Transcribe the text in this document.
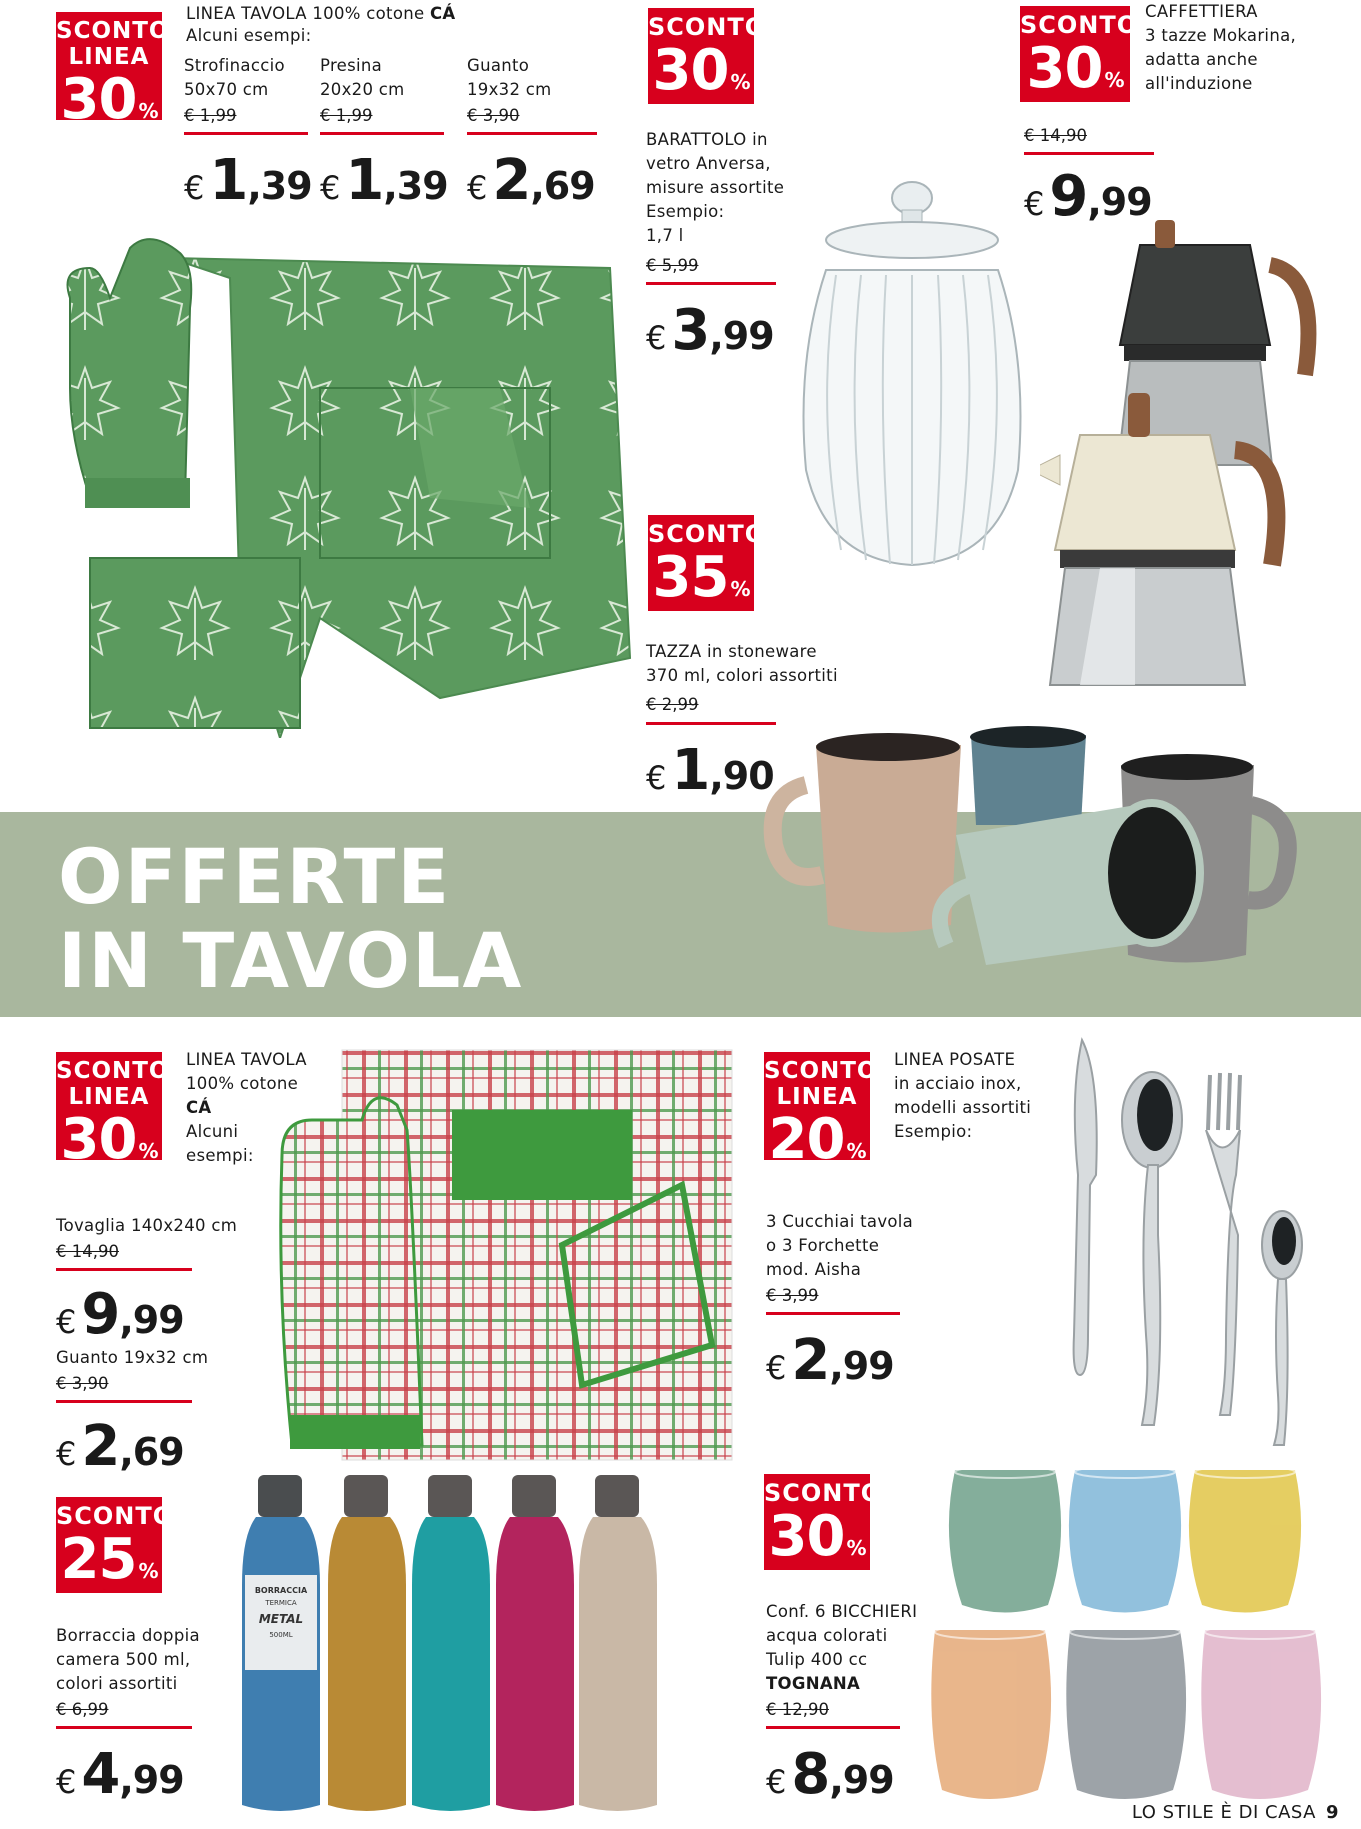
SCONTO
LINEA
30 %
LINEA TAVOLA 100% cotone CÁ
Alcuni esempi:
Strofinaccio
50x70 cm
€ 1,99
€ 1,39
Presina
20x20 cm
€ 1,99
€ 1,39
Guanto
19x32 cm
€ 3,90
€ 2,69
SCONTO
30 %
BARATTOLO in
vetro Anversa,
misure assortite
Esempio:
1,7 l
€ 5,99
€ 3,99
SCONTO
30 %
CAFFETTIERA
3 tazze Mokarina,
adatta anche
all'induzione
€ 14,90
€ 9,99
SCONTO
35 %
TAZZA in stoneware
370 ml, colori assortiti
€ 2,99
€ 1,90
OFFERTE
IN TAVOLA
SCONTO
LINEA
30 %
LINEA TAVOLA
100% cotone
CÁ
Alcuni
esempi:
Tovaglia 140x240 cm
€ 14,90
€ 9,99
Guanto 19x32 cm
€ 3,90
€ 2,69
SCONTO
LINEA
20 %
LINEA POSATE
in acciaio inox,
modelli assortiti
Esempio:
3 Cucchiai tavola
o 3 Forchette
mod. Aisha
€ 3,99
€ 2,99
SCONTO
25 %
Borraccia doppia
camera 500 ml,
colori assortiti
€ 6,99
€ 4,99
BORRACCIA
TERMICA
METAL
500ML
SCONTO
30 %
Conf. 6 BICCHIERI
acqua colorati
Tulip 400 cc
TOGNANA
€ 12,90
€ 8,99
LO STILE È DI CASA 9
